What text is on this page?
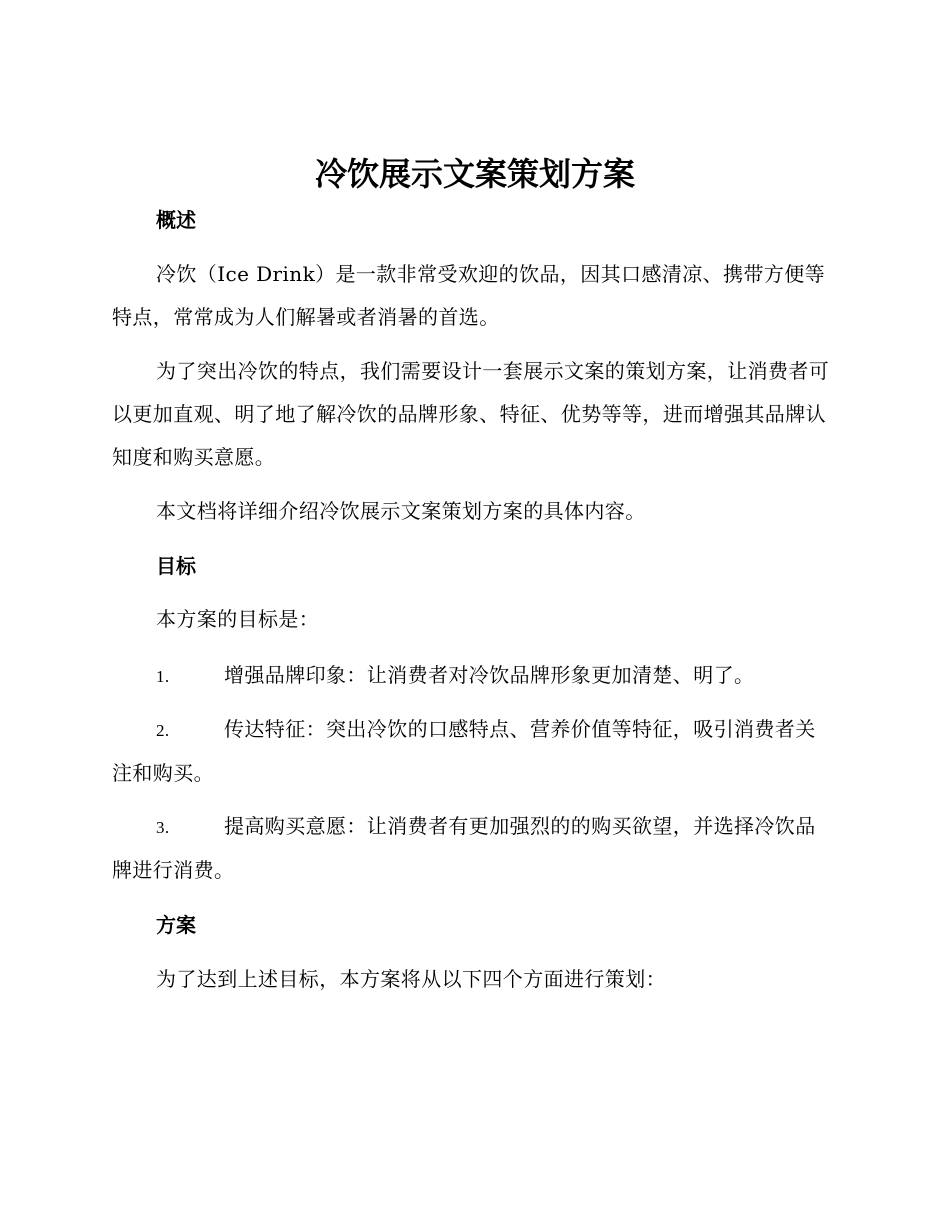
冷饮展示文案策划方案
概述

冷饮（Ice Drink）是一款非常受欢迎的饮品，因其口感清凉、携带方便等特点，常常成为人们解暑或者消暑的首选。

为了突出冷饮的特点，我们需要设计一套展示文案的策划方案，让消费者可以更加直观、明了地了解冷饮的品牌形象、特征、优势等等，进而增强其品牌认知度和购买意愿。

本文档将详细介绍冷饮展示文案策划方案的具体内容。

目标

本方案的目标是：

1.	增强品牌印象：让消费者对冷饮品牌形象更加清楚、明了。

2.	传达特征：突出冷饮的口感特点、营养价值等特征，吸引消费者关注和购买。

3.	提高购买意愿：让消费者有更加强烈的的购买欲望，并选择冷饮品牌进行消费。

方案

为了达到上述目标，本方案将从以下四个方面进行策划：
